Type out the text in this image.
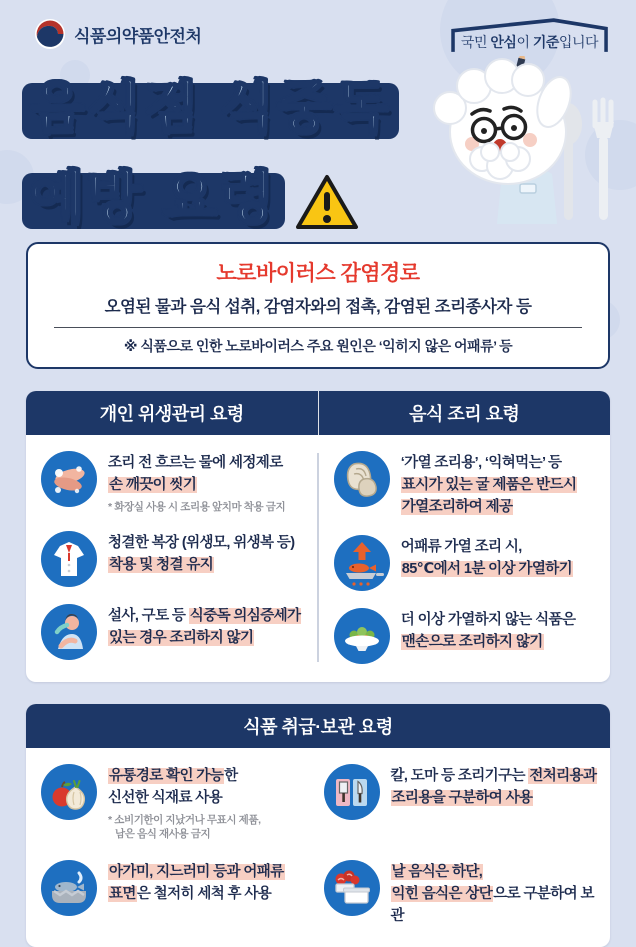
식품의약품안전처	국민 안심이 기준입니다
음식점 식중독
예방 요령
노로바이러스 감염경로
오염된 물과 음식 섭취, 감염자와의 접촉, 감염된 조리종사자 등
※ 식품으로 인한 노로바이러스 주요 원인은 ‘익히지 않은 어패류’ 등
개인 위생관리 요령	음식 조리 요령
조리 전 흐르는 물에 세정제로
손 깨끗이 씻기
* 화장실 사용 시 조리용 앞치마 착용 금지
청결한 복장 (위생모, 위생복 등)
착용 및 청결 유지
설사, 구토 등 식중독 의심증세가
있는 경우 조리하지 않기
‘가열 조리용’, ‘익혀먹는’ 등
표시가 있는 굴 제품은 반드시
가열조리하여 제공
어패류 가열 조리 시,
85℃에서 1분 이상 가열하기
더 이상 가열하지 않는 식품은
맨손으로 조리하지 않기
식품 취급·보관 요령
유통경로 확인 가능한
신선한 식재료 사용
* 소비기한이 지났거나 무표시 제품,
남은 음식 재사용 금지
칼, 도마 등 조리기구는 전처리용과
조리용을 구분하여 사용
아가미, 지느러미 등과 어패류
표면은 철저히 세척 후 사용
날 음식은 하단,
익힌 음식은 상단으로 구분하여 보관
